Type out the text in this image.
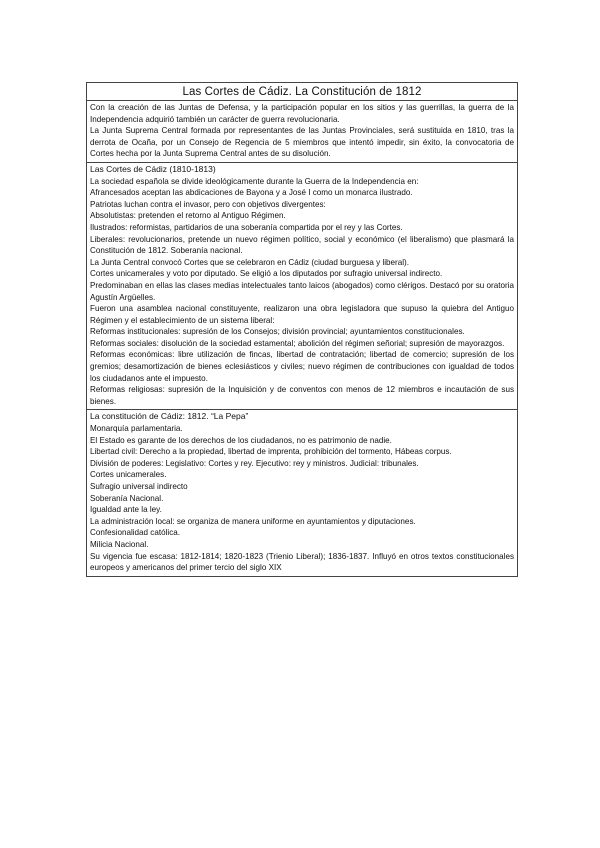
Las Cortes de Cádiz. La Constitución de 1812

Con la creación de las Juntas de Defensa, y la participación popular en los sitios y las guerrillas, la guerra de la Independencia adquirió también un carácter de guerra revolucionaria.

La Junta Suprema Central formada por representantes de las Juntas Provinciales, será sustituida en 1810, tras la derrota de Ocaña, por un Consejo de Regencia de 5 miembros que intentó impedir, sin éxito, la convocatoria de Cortes hecha por la Junta Suprema Central antes de su disolución.

Las Cortes de Cádiz (1810-1813)

La sociedad española se divide ideológicamente durante la Guerra de la Independencia en:

Afrancesados aceptan las abdicaciones de Bayona y a José I como un monarca ilustrado.

Patriotas luchan contra el invasor, pero con objetivos divergentes:

Absolutistas: pretenden el retorno al Antiguo Régimen.

Ilustrados: reformistas, partidarios de una soberanía compartida por el rey y las Cortes.

Liberales: revolucionarios, pretende un nuevo régimen político, social y económico (el liberalismo) que plasmará la Constitución de 1812. Soberanía nacional.

La Junta Central convocó Cortes que se celebraron en Cádiz (ciudad burguesa y liberal).

Cortes unicamerales y voto por diputado. Se eligió a los diputados por sufragio universal indirecto.

Predominaban en ellas las clases medias intelectuales tanto laicos (abogados) como clérigos. Destacó por su oratoria Agustín Argüelles.

Fueron una asamblea nacional constituyente, realizaron una obra legisladora que supuso la quiebra del Antiguo Régimen y el establecimiento de un sistema liberal:

Reformas institucionales: supresión de los Consejos; división provincial; ayuntamientos constitucionales.

Reformas sociales: disolución de la sociedad estamental; abolición del régimen señorial; supresión de mayorazgos.

Reformas económicas: libre utilización de fincas, libertad de contratación; libertad de comercio; supresión de los gremios; desamortización de bienes eclesiásticos y civiles; nuevo régimen de contribuciones con igualdad de todos los ciudadanos ante el impuesto.

Reformas religiosas: supresión de la Inquisición y de conventos con menos de 12 miembros e incautación de sus bienes.

La constitución de Cádiz: 1812. “La Pepa”

Monarquía parlamentaria.

El Estado es garante de los derechos de los ciudadanos, no es patrimonio de nadie.

Libertad civil: Derecho a la propiedad, libertad de imprenta, prohibición del tormento, Hábeas corpus.

División de poderes: Legislativo: Cortes y rey. Ejecutivo: rey y ministros. Judicial: tribunales.

Cortes unicamerales.

Sufragio universal indirecto

Soberanía Nacional.

Igualdad ante la ley.

La administración local: se organiza de manera uniforme en ayuntamientos y diputaciones.

Confesionalidad católica.

Milicia Nacional.

Su vigencia fue escasa: 1812-1814; 1820-1823 (Trienio Liberal); 1836-1837. Influyó en otros textos constitucionales europeos y americanos del primer tercio del siglo XIX
